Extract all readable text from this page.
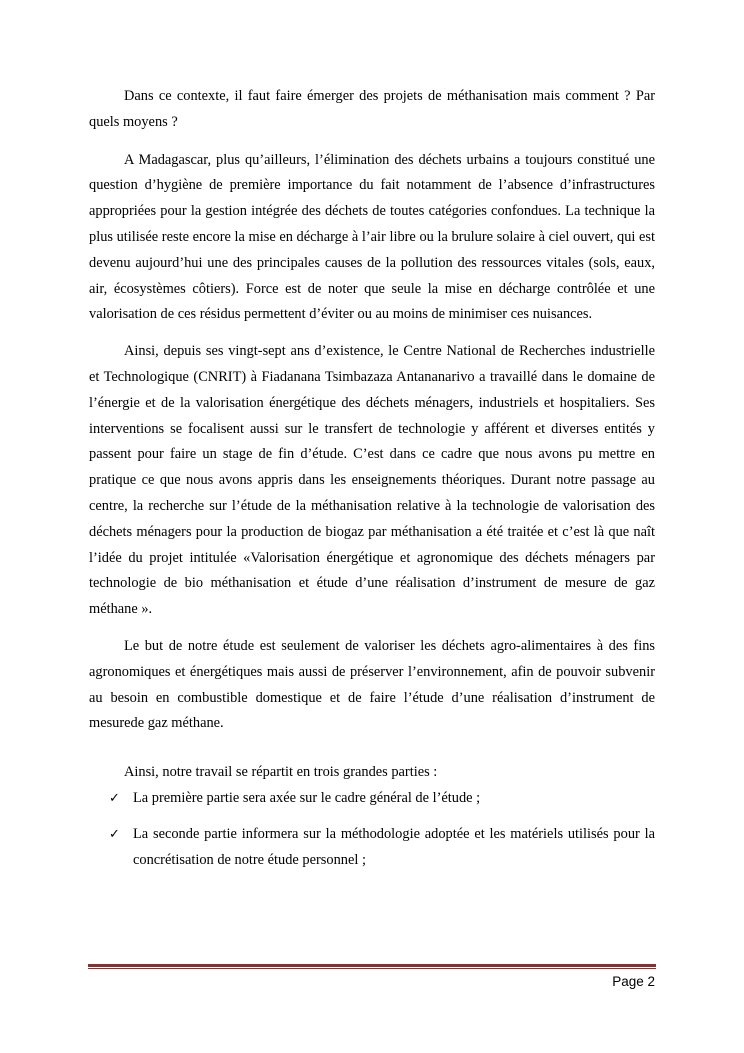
Dans ce contexte, il faut faire émerger des projets de méthanisation mais comment ? Par quels moyens ?

A Madagascar, plus qu’ailleurs, l’élimination des déchets urbains a toujours constitué une question d’hygiène de première importance du fait notamment de l’absence d’infrastructures appropriées pour la gestion intégrée des déchets de toutes catégories confondues. La technique la plus utilisée reste encore la mise en décharge à l’air libre ou la brulure solaire à ciel ouvert, qui est devenu aujourd’hui une des principales causes de la pollution des ressources vitales (sols, eaux, air, écosystèmes côtiers). Force est de noter que seule la mise en décharge contrôlée et une valorisation de ces résidus permettent d’éviter ou au moins de minimiser ces nuisances.

Ainsi, depuis ses vingt-sept ans d’existence, le Centre National de Recherches industrielle et Technologique (CNRIT) à Fiadanana Tsimbazaza Antananarivo a travaillé dans le domaine de l’énergie et de la valorisation énergétique des déchets ménagers, industriels et hospitaliers. Ses interventions se focalisent aussi sur le transfert de technologie y afférent et diverses entités y passent pour faire un stage de fin d’étude. C’est dans ce cadre que nous avons pu mettre en pratique ce que nous avons appris dans les enseignements théoriques. Durant notre passage au centre, la recherche sur l’étude de la méthanisation relative à la technologie de valorisation des déchets ménagers pour la production de biogaz par méthanisation a été traitée et c’est là que naît l’idée du projet intitulée «Valorisation énergétique et agronomique des déchets ménagers par technologie de bio méthanisation et étude d’une réalisation d’instrument de mesure de gaz méthane ».

Le but de notre étude est seulement de valoriser les déchets agro-alimentaires à des fins agronomiques et énergétiques mais aussi de préserver l’environnement, afin de pouvoir subvenir au besoin en combustible domestique et de faire l’étude d’une réalisation d’instrument de mesurede gaz méthane.

Ainsi, notre travail se répartit en trois grandes parties :

✓ La première partie sera axée sur le cadre général de l’étude ;
✓ La seconde partie informera sur la méthodologie adoptée et les matériels utilisés pour la concrétisation de notre étude personnel ;
Page 2
